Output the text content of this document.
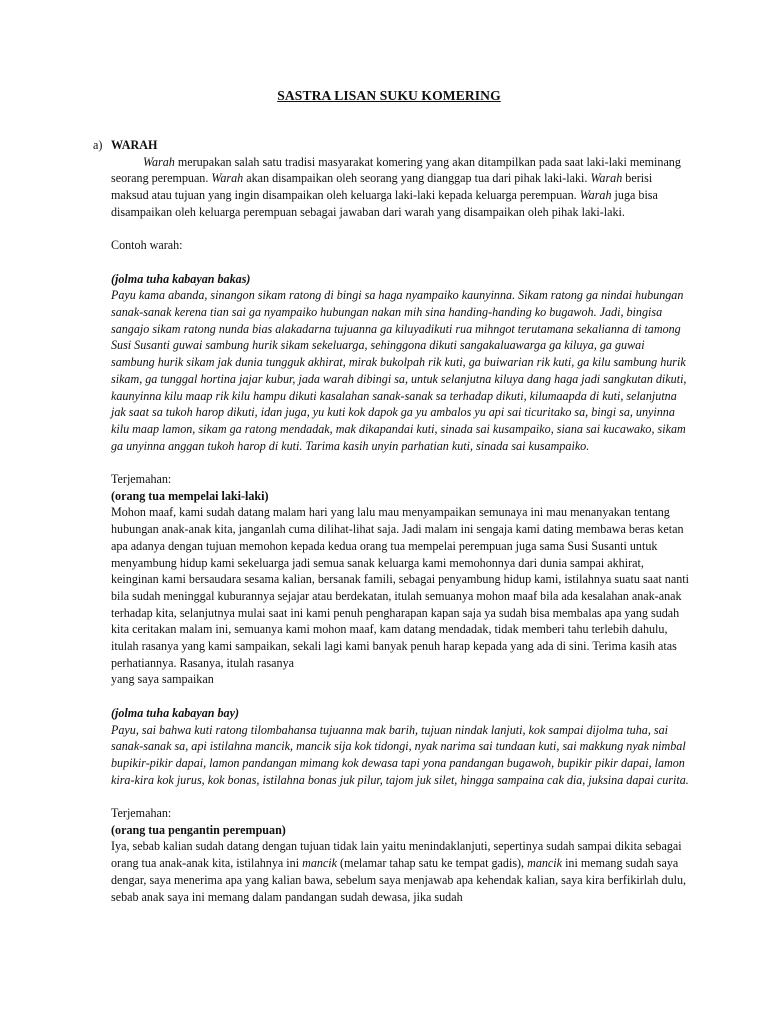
SASTRA LISAN SUKU KOMERING
a) WARAH

Warah merupakan salah satu tradisi masyarakat komering yang akan ditampilkan pada saat laki-laki meminang seorang perempuan. Warah akan disampaikan oleh seorang yang dianggap tua dari pihak laki-laki. Warah berisi maksud atau tujuan yang ingin disampaikan oleh keluarga laki-laki kepada keluarga perempuan. Warah juga bisa disampaikan oleh keluarga perempuan sebagai jawaban dari warah yang disampaikan oleh pihak laki-laki.

Contoh warah:

(jolma tuha kabayan bakas)

Payu kama abanda, sinangon sikam ratong di bingi sa haga nyampaiko kaunyinna. Sikam ratong ga nindai hubungan sanak-sanak kerena tian sai ga nyampaiko hubungan nakan mih sina handing-handing ko bugawoh. Jadi, bingisa sangajo sikam ratong nunda bias alakadarna tujuanna ga kiluyadikuti rua mihngot terutamana sekalianna di tamong Susi Susanti guwai sambung hurik sikam sekeluarga, sehinggona dikuti sangakaluawarga ga kiluya, ga guwai sambung hurik sikam jak dunia tungguk akhirat, mirak bukolpah rik kuti, ga buiwarian rik kuti, ga kilu sambung hurik sikam, ga tunggal hortina jajar kubur, jada warah dibingi sa, untuk selanjutna kiluya dang haga jadi sangkutan dikuti, kaunyinna kilu maap rik kilu hampu dikuti kasalahan sanak-sanak sa terhadap dikuti, kilumaapda di kuti, selanjutna jak saat sa tukoh harop dikuti, idan juga, yu kuti kok dapok ga yu ambalos yu api sai ticuritako sa, bingi sa, unyinna kilu maap lamon, sikam ga ratong mendadak, mak dikapandai kuti, sinada sai kusampaiko, siana sai kucawako, sikam ga unyinna anggan tukoh harop di kuti. Tarima kasih unyin parhatian kuti, sinada sai kusampaiko.

Terjemahan:

(orang tua mempelai laki-laki)

Mohon maaf, kami sudah datang malam hari yang lalu mau menyampaikan semunaya ini mau menanyakan tentang hubungan anak-anak kita, janganlah cuma dilihat-lihat saja. Jadi malam ini sengaja kami dating membawa beras ketan apa adanya dengan tujuan memohon kepada kedua orang tua mempelai perempuan juga sama Susi Susanti untuk menyambung hidup kami sekeluarga jadi semua sanak keluarga kami memohonnya dari dunia sampai akhirat, keinginan kami bersaudara sesama kalian, bersanak famili, sebagai penyambung hidup kami, istilahnya suatu saat nanti bila sudah meninggal kuburannya sejajar atau berdekatan, itulah semuanya mohon maaf bila ada kesalahan anak-anak terhadap kita, selanjutnya mulai saat ini kami penuh pengharapan kapan saja ya sudah bisa membalas apa yang sudah kita ceritakan malam ini, semuanya kami mohon maaf, kam datang mendadak, tidak memberi tahu terlebih dahulu, itulah rasanya yang kami sampaikan, sekali lagi kami banyak penuh harap kepada yang ada di sini. Terima kasih atas perhatiannya. Rasanya, itulah rasanya

yang saya sampaikan

(jolma tuha kabayan bay)

Payu, sai bahwa kuti ratong tilombahansa tujuanna mak barih, tujuan nindak lanjuti, kok sampai dijolma tuha, sai sanak-sanak sa, api istilahna mancik, mancik sija kok tidongi, nyak narima sai tundaan kuti, sai makkung nyak nimbal bupikir-pikir dapai, lamon pandangan mimang kok dewasa tapi yona pandangan bugawoh, bupikir pikir dapai, lamon kira-kira kok jurus, kok bonas, istilahna bonas juk pilur, tajom juk silet, hingga sampaina cak dia, juksina dapai curita.

Terjemahan:

(orang tua pengantin perempuan)

Iya, sebab kalian sudah datang dengan tujuan tidak lain yaitu menindaklanjuti, sepertinya sudah sampai dikita sebagai orang tua anak-anak kita, istilahnya ini mancik (melamar tahap satu ke tempat gadis), mancik ini memang sudah saya dengar, saya menerima apa yang kalian bawa, sebelum saya menjawab apa kehendak kalian, saya kira berfikirlah dulu, sebab anak saya ini memang dalam pandangan sudah dewasa, jika sudah
